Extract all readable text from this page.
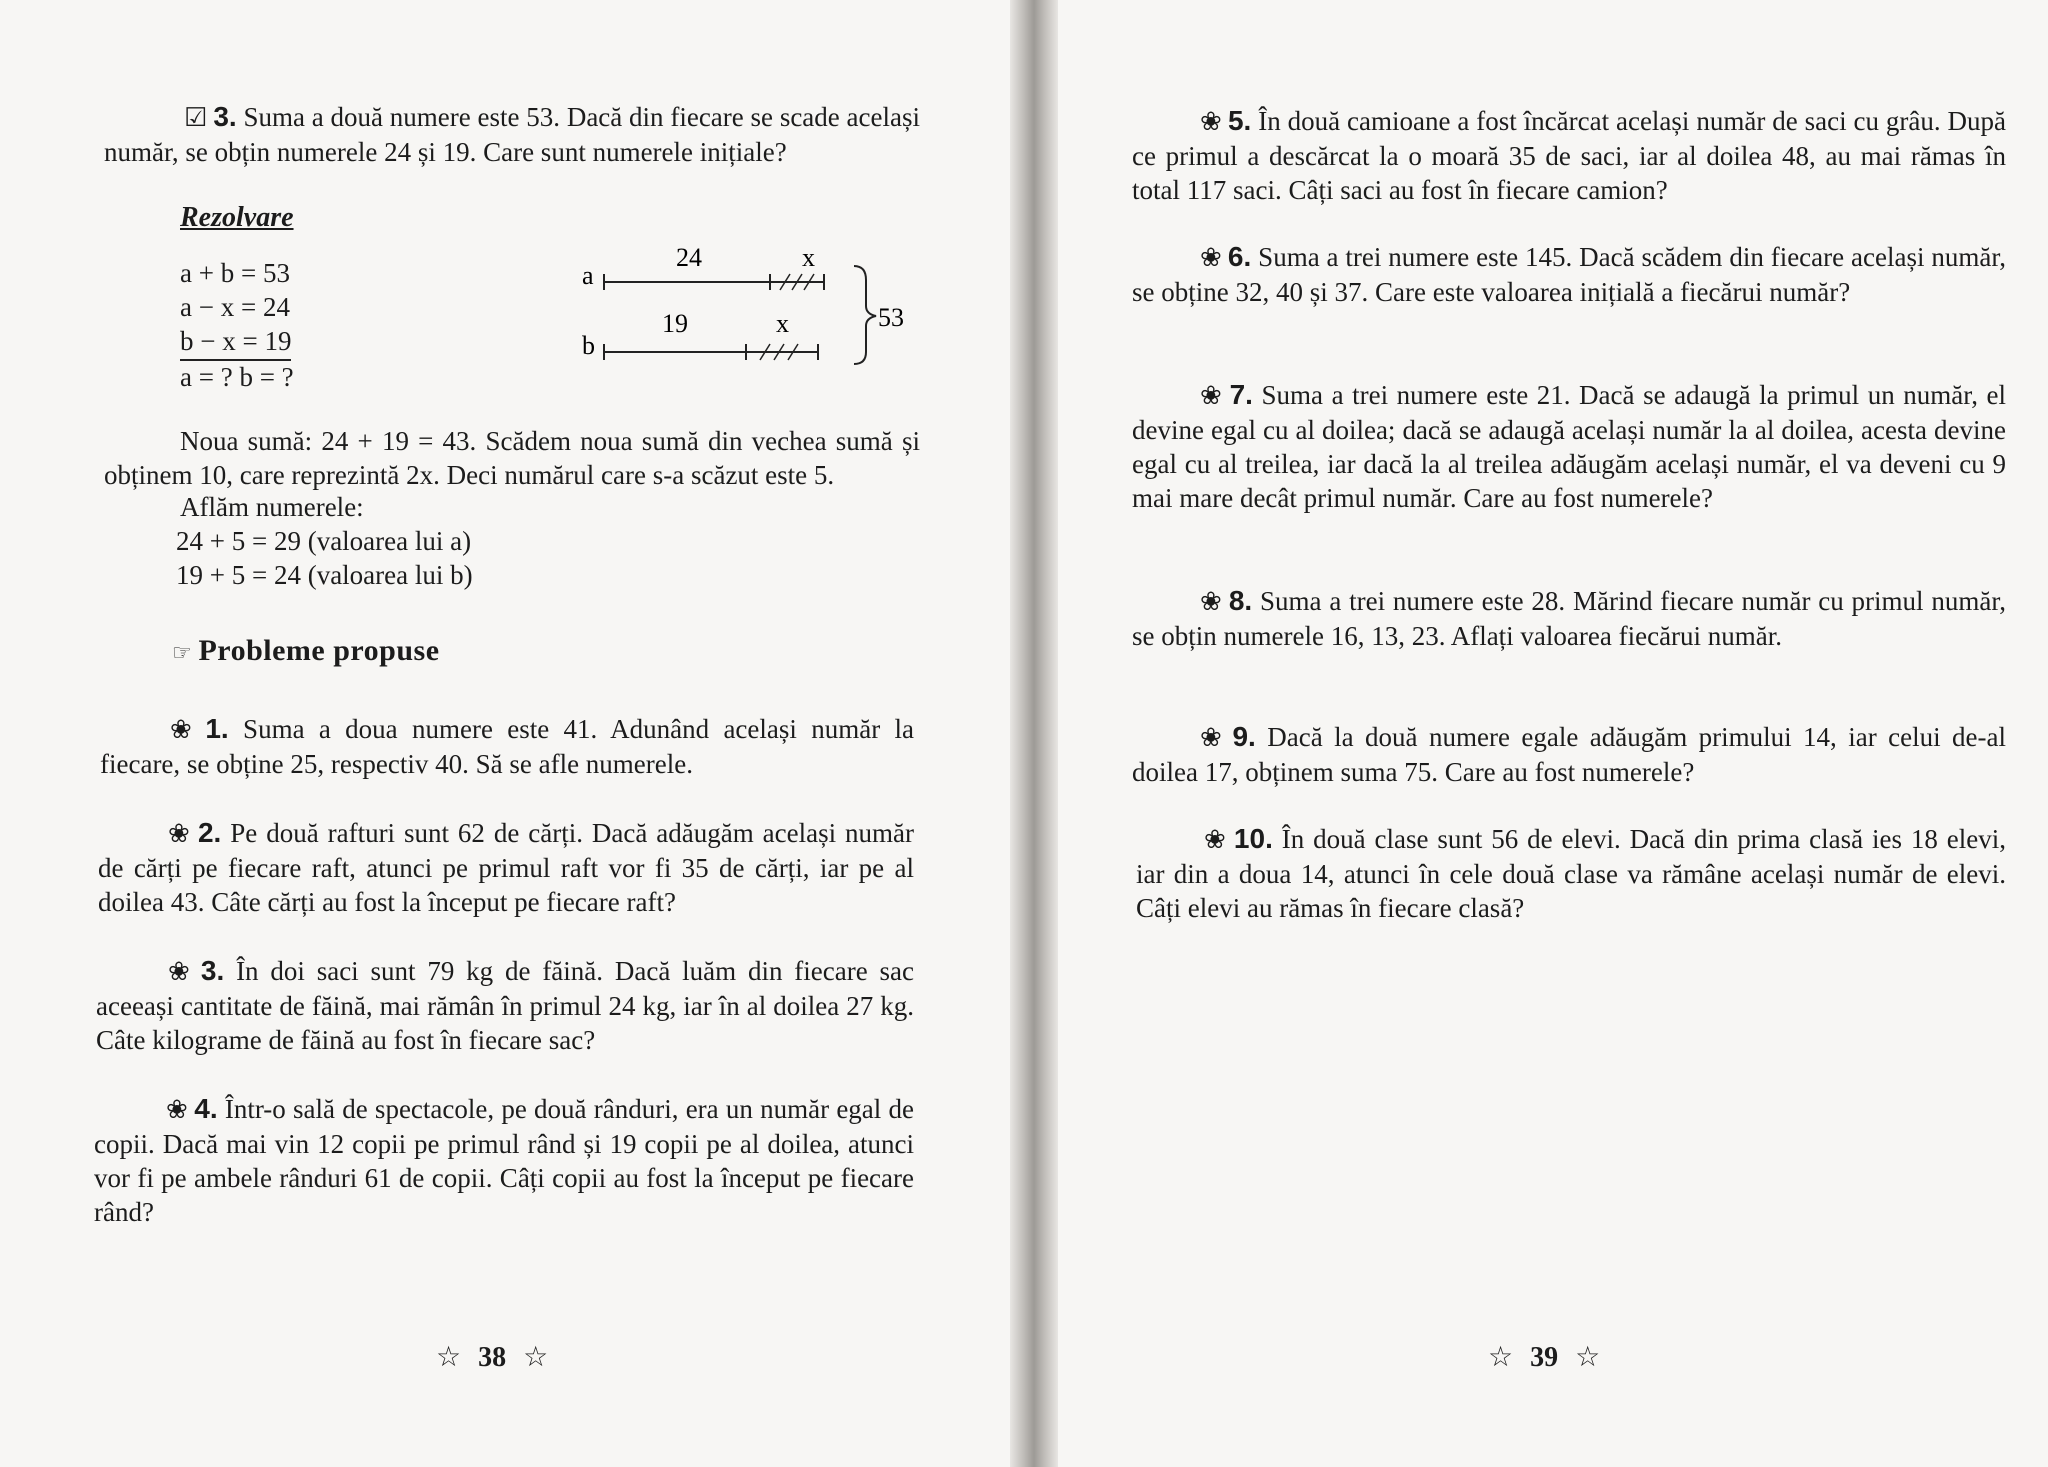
☑ 3. Suma a două numere este 53. Dacă din fiecare se scade același număr, se obțin numerele 24 și 19. Care sunt numerele inițiale?
Rezolvare
a + b = 53
a − x = 24
b − x = 19
a = ? b = ?
a
24	x
b
19	x	53
Noua sumă: 24 + 19 = 43. Scădem noua sumă din vechea sumă și obținem 10, care reprezintă 2x. Deci numărul care s-a scăzut este 5.
Aflăm numerele:
24 + 5 = 29 (valoarea lui a)
19 + 5 = 24 (valoarea lui b)
☞ Probleme propuse
❀ 1. Suma a doua numere este 41. Adunând același număr la fiecare, se obține 25, respectiv 40. Să se afle numerele.
❀ 2. Pe două rafturi sunt 62 de cărți. Dacă adăugăm același număr de cărți pe fiecare raft, atunci pe primul raft vor fi 35 de cărți, iar pe al doilea 43. Câte cărți au fost la început pe fiecare raft?
❀ 3. În doi saci sunt 79 kg de făină. Dacă luăm din fiecare sac aceeași cantitate de făină, mai rămân în primul 24 kg, iar în al doilea 27 kg. Câte kilograme de făină au fost în fiecare sac?
❀ 4. Într-o sală de spectacole, pe două rânduri, era un număr egal de copii. Dacă mai vin 12 copii pe primul rând și 19 copii pe al doilea, atunci vor fi pe ambele rânduri 61 de copii. Câți copii au fost la început pe fiecare rând?
☆ 38 ☆
❀ 5. În două camioane a fost încărcat același număr de saci cu grâu. După ce primul a descărcat la o moară 35 de saci, iar al doilea 48, au mai rămas în total 117 saci. Câți saci au fost în fiecare camion?
❀ 6. Suma a trei numere este 145. Dacă scădem din fiecare același număr, se obține 32, 40 și 37. Care este valoarea inițială a fiecărui număr?
❀ 7. Suma a trei numere este 21. Dacă se adaugă la primul un număr, el devine egal cu al doilea; dacă se adaugă același număr la al doilea, acesta devine egal cu al treilea, iar dacă la al treilea adăugăm același număr, el va deveni cu 9 mai mare decât primul număr. Care au fost numerele?
❀ 8. Suma a trei numere este 28. Mărind fiecare număr cu primul număr, se obțin numerele 16, 13, 23. Aflați valoarea fiecărui număr.
❀ 9. Dacă la două numere egale adăugăm primului 14, iar celui de-al doilea 17, obținem suma 75. Care au fost numerele?
❀ 10. În două clase sunt 56 de elevi. Dacă din prima clasă ies 18 elevi, iar din a doua 14, atunci în cele două clase va rămâne același număr de elevi. Câți elevi au rămas în fiecare clasă?
☆ 39 ☆
